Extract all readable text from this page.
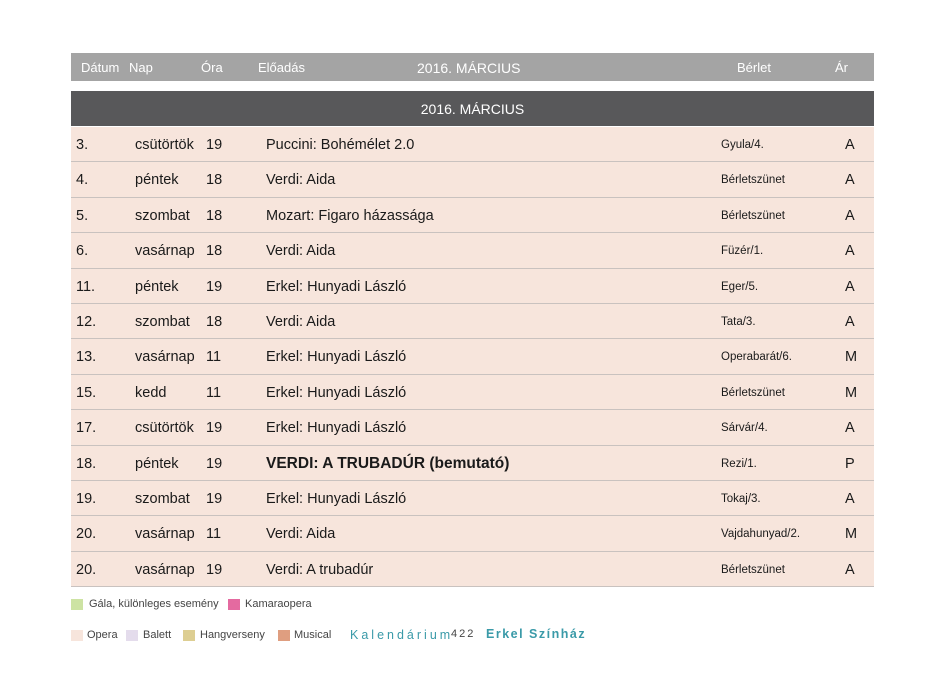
Dátum Nap	Óra	Előadás	2016. MÁRCIUS	Bérlet	Ár
2016. MÁRCIUS
3.	csütörtök 19	Puccini: Bohémélet 2.0	Gyula/4.	A
4.	péntek 18	Verdi: Aida	Bérletszünet	A
5.	szombat 18	Mozart: Figaro házassága	Bérletszünet	A
6.	vasárnap 18	Verdi: Aida	Füzér/1.	A
11.	péntek 19	Erkel: Hunyadi László	Eger/5.	A
12.	szombat 18	Verdi: Aida	Tata/3.	A
13.	vasárnap 11	Erkel: Hunyadi László	Operabarát/6.	M
15.	kedd	11	Erkel: Hunyadi László	Bérletszünet	M
17.	csütörtök 19	Erkel: Hunyadi László	Sárvár/4.	A
18.	péntek 19	VERDI: A TRUBADÚR (bemutató)	Rezi/1.	P
19.	szombat 19	Erkel: Hunyadi László	Tokaj/3.	A
20.	vasárnap 11	Verdi: Aida	Vajdahunyad/2.	M
20.	vasárnap 19	Verdi: A trubadúr	Bérletszünet	A
Gála, különleges esemény Kamaraopera
Opera Balett	Hangverseny	Musical Kalendárium
422 Erkel Színház
